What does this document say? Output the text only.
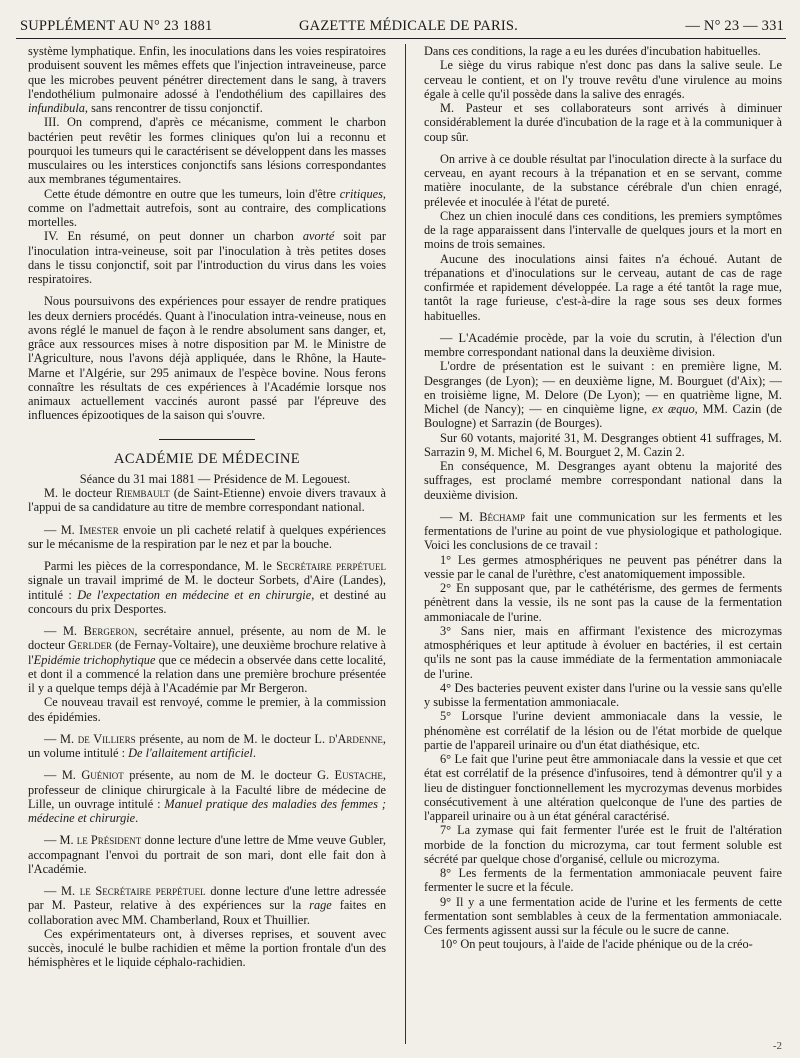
SUPPLÉMENT AU N° 23 1881	GAZETTE MÉDICALE DE PARIS.	— N° 23 — 331

système lymphatique. Enfin, les inoculations dans les voies respiratoires produisent souvent les mêmes effets que l'injection intraveineuse, parce que les microbes peuvent pénétrer directement dans le sang, à travers l'endothélium pulmonaire adossé à l'endothélium des capillaires des infundibula, sans rencontrer de tissu conjonctif.

III. On comprend, d'après ce mécanisme, comment le charbon bactérien peut revêtir les formes cliniques qu'on lui a reconnu et pourquoi les tumeurs qui le caractérisent se développent dans les masses musculaires ou les interstices conjonctifs sans lésions correspondantes aux membranes tégumentaires.

Cette étude démontre en outre que les tumeurs, loin d'être critiques, comme on l'admettait autrefois, sont au contraire, des complications mortelles.

IV. En résumé, on peut donner un charbon avorté soit par l'inoculation intra-veineuse, soit par l'inoculation à très petites doses dans le tissu conjonctif, soit par l'introduction du virus dans les voies respiratoires.

Nous poursuivons des expériences pour essayer de rendre pratiques les deux derniers procédés. Quant à l'inoculation intra-veineuse, nous en avons réglé le manuel de façon à le rendre absolument sans danger, et, grâce aux ressources mises à notre disposition par M. le Ministre de l'Agriculture, nous l'avons déjà appliquée, dans le Rhône, la Haute-Marne et l'Algérie, sur 295 animaux de l'espèce bovine. Nous ferons connaître les résultats de ces expériences à l'Académie lorsque nos animaux actuellement vaccinés auront passé par l'épreuve des influences épizootiques de la saison qui s'ouvre.

ACADÉMIE DE MÉDECINE

Séance du 31 mai 1881 — Présidence de M. Legouest.

M. le docteur Riembault (de Saint-Etienne) envoie divers travaux à l'appui de sa candidature au titre de membre correspondant national.

— M. Imester envoie un pli cacheté relatif à quelques expériences sur le mécanisme de la respiration par le nez et par la bouche.

Parmi les pièces de la correspondance, M. le Secrétaire perpétuel signale un travail imprimé de M. le docteur Sorbets, d'Aire (Landes), intitulé : De l'expectation en médecine et en chirurgie, et destiné au concours du prix Desportes.

— M. Bergeron, secrétaire annuel, présente, au nom de M. le docteur Gerlder (de Fernay-Voltaire), une deuxième brochure relative à l'Epidémie trichophytique que ce médecin a observée dans cette localité, et dont il a commencé la relation dans une première brochure présentée il y a quelque temps déjà à l'Académie par Mr Bergeron.

Ce nouveau travail est renvoyé, comme le premier, à la commission des épidémies.

— M. de Villiers présente, au nom de M. le docteur L. d'Ardenne, un volume intitulé : De l'allaitement artificiel.

— M. Guéniot présente, au nom de M. le docteur G. Eustache, professeur de clinique chirurgicale à la Faculté libre de médecine de Lille, un ouvrage intitulé : Manuel pratique des maladies des femmes ; médecine et chirurgie.

— M. le Président donne lecture d'une lettre de Mme veuve Gubler, accompagnant l'envoi du portrait de son mari, dont elle fait don à l'Académie.

— M. le Secrétaire perpétuel donne lecture d'une lettre adressée par M. Pasteur, relative à des expériences sur la rage faites en collaboration avec MM. Chamberland, Roux et Thuillier.

Ces expérimentateurs ont, à diverses reprises, et souvent avec succès, inoculé le bulbe rachidien et même la portion frontale d'un des hémisphères et le liquide céphalo-rachidien.

Dans ces conditions, la rage a eu les durées d'incubation habituelles.

Le siège du virus rabique n'est donc pas dans la salive seule. Le cerveau le contient, et on l'y trouve revêtu d'une virulence au moins égale à celle qu'il possède dans la salive des enragés.

M. Pasteur et ses collaborateurs sont arrivés à diminuer considérablement la durée d'incubation de la rage et à la communiquer à coup sûr.

On arrive à ce double résultat par l'inoculation directe à la surface du cerveau, en ayant recours à la trépanation et en se servant, comme matière inoculante, de la substance cérébrale d'un chien enragé, prélevée et inoculée à l'état de pureté.

Chez un chien inoculé dans ces conditions, les premiers symptômes de la rage apparaissent dans l'intervalle de quelques jours et la mort en moins de trois semaines.

Aucune des inoculations ainsi faites n'a échoué. Autant de trépanations et d'inoculations sur le cerveau, autant de cas de rage confirmée et rapidement développée. La rage a été tantôt la rage mue, tantôt la rage furieuse, c'est-à-dire la rage sous ses deux formes habituelles.

— L'Académie procède, par la voie du scrutin, à l'élection d'un membre correspondant national dans la deuxième division.

L'ordre de présentation est le suivant : en première ligne, M. Desgranges (de Lyon); — en deuxième ligne, M. Bourguet (d'Aix); — en troisième ligne, M. Delore (De Lyon); — en quatrième ligne, M. Michel (de Nancy); — en cinquième ligne, ex æquo, MM. Cazin (de Boulogne) et Sarrazin (de Bourges).

Sur 60 votants, majorité 31, M. Desgranges obtient 41 suffrages, M. Sarrazin 9, M. Michel 6, M. Bourguet 2, M. Cazin 2.

En conséquence, M. Desgranges ayant obtenu la majorité des suffrages, est proclamé membre correspondant national dans la deuxième division.

— M. Béchamp fait une communication sur les ferments et les fermentations de l'urine au point de vue physiologique et pathologique. Voici les conclusions de ce travail :

1° Les germes atmosphériques ne peuvent pas pénétrer dans la vessie par le canal de l'urèthre, c'est anatomiquement impossible.

2° En supposant que, par le cathétérisme, des germes de ferments pénètrent dans la vessie, ils ne sont pas la cause de la fermentation ammoniacale de l'urine.

3° Sans nier, mais en affirmant l'existence des microzymas atmosphériques et leur aptitude à évoluer en bactéries, il est certain qu'ils ne sont pas la cause immédiate de la fermentation ammoniacale de l'urine.

4° Des bacteries peuvent exister dans l'urine ou la vessie sans qu'elle y subisse la fermentation ammoniacale.

5° Lorsque l'urine devient ammoniacale dans la vessie, le phénomène est corrélatif de la lésion ou de l'état morbide de quelque partie de l'appareil urinaire ou d'un état diathésique, etc.

6° Le fait que l'urine peut être ammoniacale dans la vessie et que cet état est corrélatif de la présence d'infusoires, tend à démontrer qu'il y a lieu de distinguer fonctionnellement les mycrozymas devenus morbides consécutivement à une altération quelconque de l'une des parties de l'appareil urinaire ou à un état général caractérisé.

7° La zymase qui fait fermenter l'urée est le fruit de l'altération morbide de la fonction du microzyma, car tout ferment soluble est sécrété par quelque chose d'organisé, cellule ou microzyma.

8° Les ferments de la fermentation ammoniacale peuvent faire fermenter le sucre et la fécule.

9° Il y a une fermentation acide de l'urine et les ferments de cette fermentation sont semblables à ceux de la fermentation ammoniacale. Ces ferments agissent aussi sur la fécule ou le sucre de canne.

10° On peut toujours, à l'aide de l'acide phénique ou de la créo-

-2
